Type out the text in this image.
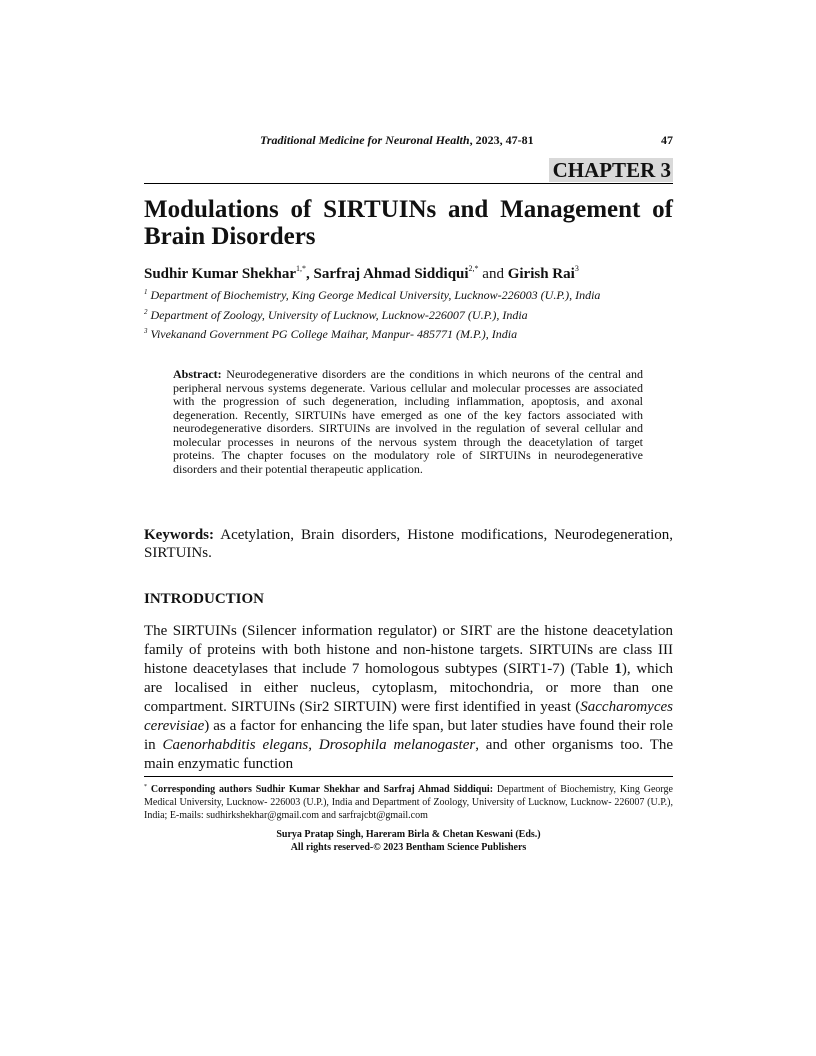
Traditional Medicine for Neuronal Health, 2023, 47-81	47
CHAPTER 3
Modulations of SIRTUINs and Management of Brain Disorders
Sudhir Kumar Shekhar$^{1,*}$, Sarfraj Ahmad Siddiqui$^{2,*}$ and Girish Rai$^3$
$^1$ Department of Biochemistry, King George Medical University, Lucknow-226003 (U.P.), India
$^2$ Department of Zoology, University of Lucknow, Lucknow-226007 (U.P.), India
$^3$ Vivekanand Government PG College Maihar, Manpur- 485771 (M.P.), India
Abstract: Neurodegenerative disorders are the conditions in which neurons of the central and peripheral nervous systems degenerate. Various cellular and molecular processes are associated with the progression of such degeneration, including inflammation, apoptosis, and axonal degeneration. Recently, SIRTUINs have emerged as one of the key factors associated with neurodegenerative disorders. SIRTUINs are involved in the regulation of several cellular and molecular processes in neurons of the nervous system through the deacetylation of target proteins. The chapter focuses on the modulatory role of SIRTUINs in neurodegenerative disorders and their potential therapeutic application.
Keywords: Acetylation, Brain disorders, Histone modifications, Neurodegeneration, SIRTUINs.
INTRODUCTION
The SIRTUINs (Silencer information regulator) or SIRT are the histone deacetylation family of proteins with both histone and non-histone targets. SIRTUINs are class III histone deacetylases that include 7 homologous subtypes (SIRT1-7) (Table 1), which are localised in either nucleus, cytoplasm, mitochondria, or more than one compartment. SIRTUINs (Sir2 SIRTUIN) were first identified in yeast (Saccharomyces cerevisiae) as a factor for enhancing the life span, but later studies have found their role in Caenorhabditis elegans, Drosophila melanogaster, and other organisms too. The main enzymatic function
* Corresponding authors Sudhir Kumar Shekhar and Sarfraj Ahmad Siddiqui: Department of Biochemistry, King George Medical University, Lucknow- 226003 (U.P.), India and Department of Zoology, University of Lucknow, Lucknow- 226007 (U.P.), India; E-mails: sudhirkshekhar@gmail.com and sarfrajcbt@gmail.com
Surya Pratap Singh, Hareram Birla & Chetan Keswani (Eds.)
All rights reserved-© 2023 Bentham Science Publishers
